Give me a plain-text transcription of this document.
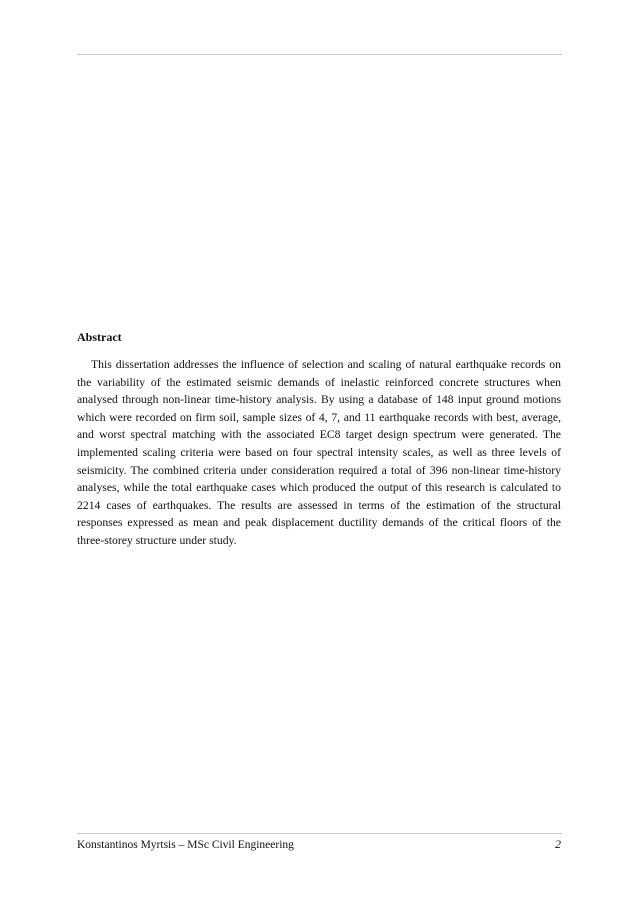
Abstract

This dissertation addresses the influence of selection and scaling of natural earthquake records on the variability of the estimated seismic demands of inelastic reinforced concrete structures when analysed through non-linear time-history analysis. By using a database of 148 input ground motions which were recorded on firm soil, sample sizes of 4, 7, and 11 earthquake records with best, average, and worst spectral matching with the associated EC8 target design spectrum were generated. The implemented scaling criteria were based on four spectral intensity scales, as well as three levels of seismicity. The combined criteria under consideration required a total of 396 non-linear time-history analyses, while the total earthquake cases which produced the output of this research is calculated to 2214 cases of earthquakes. The results are assessed in terms of the estimation of the structural responses expressed as mean and peak displacement ductility demands of the critical floors of the three-storey structure under study.

Konstantinos Myrtsis – MSc Civil Engineering	2
